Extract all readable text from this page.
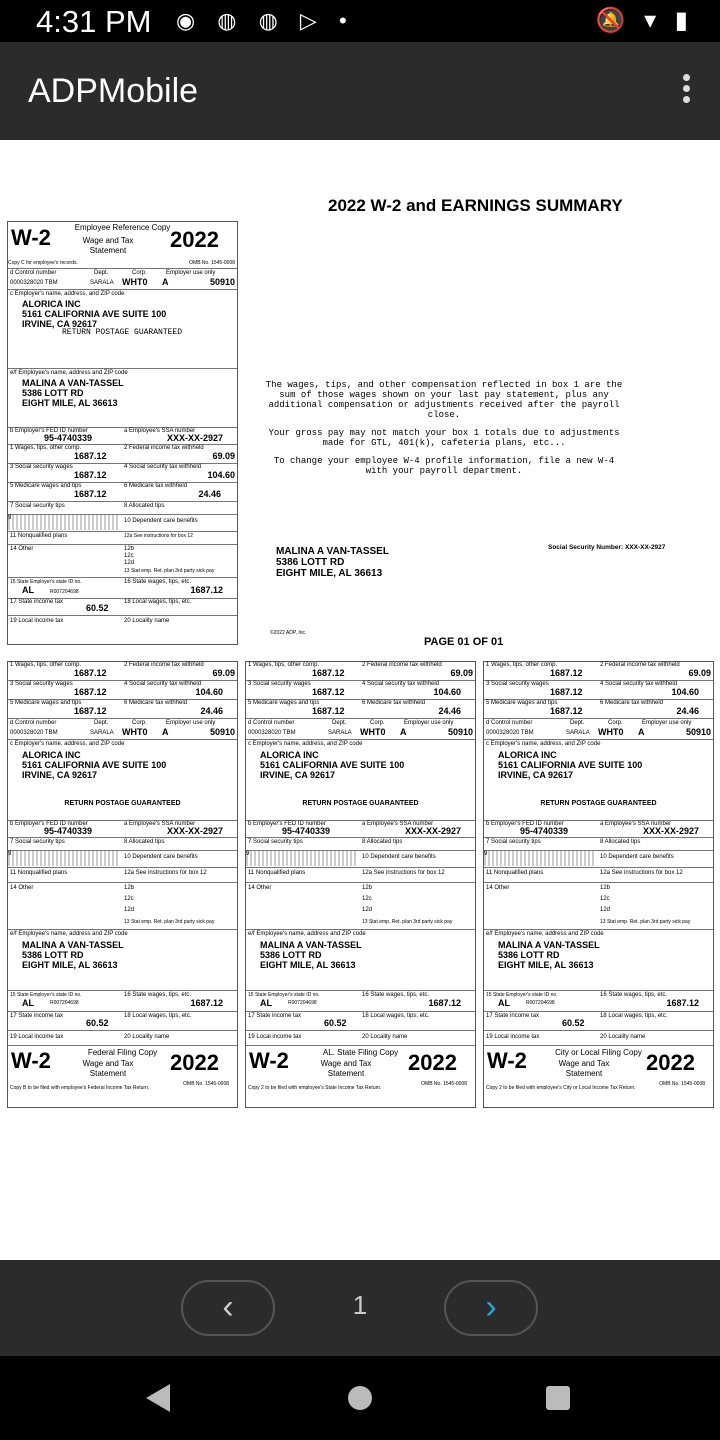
4:31 PM ◉ ◍ ◍ ▷ •	🔕 ▾ ▮
ADPMobile
2022 W-2 and EARNINGS SUMMARY
Employee Reference Copy
W-2	Wage and Tax Statement	2022
Copy C for employee's records.	OMB No. 1545-0008
d Control number	Dept.	Corp.	Employer use only
0000328020 TBM	SARALA WHT0 A	50910
c Employer's name, address, and ZIP code
ALORICA INC
5161 CALIFORNIA AVE SUITE 100
IRVINE, CA 92617
RETURN POSTAGE GUARANTEED
e/f Employee's name, address and ZIP code
MALINA A VAN-TASSEL
5386 LOTT RD
EIGHT MILE, AL 36613
b Employer's FED ID number
95-4740339
a Employee's SSA number
XXX-XX-2927
1 Wages, tips, other comp.
1687.12
2 Federal income tax withheld
69.09
3 Social security wages
1687.12
4 Social security tax withheld
104.60
5 Medicare wages and tips
1687.12
6 Medicare tax withheld
24.46
7 Social security tips	8 Allocated tips
9	10 Dependent care benefits
11 Nonqualified plans	12a See instructions for box 12
14 Other	12b
12c
12d
13 Stat emp. Ret. plan 3rd party sick pay
15 State Employer's state ID no.
AL	R007204698
16 State wages, tips, etc.
1687.12
17 State income tax
60.52
18 Local wages, tips, etc.
19 Local income tax	20 Locality name

The wages, tips, and other compensation reflected in box 1 are the sum of those wages shown on your last pay statement, plus any additional compensation or adjustments received after the payroll close.

Your gross pay may not match your box 1 totals due to adjustments made for GTL, 401(k), cafeteria plans, etc...

To change your employee W-4 profile information, file a new W-4 with your payroll department.

MALINA A VAN-TASSEL
5386 LOTT RD
EIGHT MILE, AL 36613
Social Security Number: XXX-XX-2927
©2022 ADP, Inc.
PAGE 01 OF 01
1 Wages, tips, other comp.
1687.12
2 Federal income tax withheld
69.09
3 Social security wages
1687.12
4 Social security tax withheld
104.60
5 Medicare wages and tips
1687.12
6 Medicare tax withheld
24.46
d Control number	Dept.	Corp.	Employer use only
0000328020 TBM	SARALA WHT0 A	50910
c Employer's name, address, and ZIP code
ALORICA INC
5161 CALIFORNIA AVE SUITE 100
IRVINE, CA 92617
RETURN POSTAGE GUARANTEED
b Employer's FED ID number
95-4740339
a Employee's SSA number
XXX-XX-2927
7 Social security tips	8 Allocated tips
9	10 Dependent care benefits
11 Nonqualified plans	12a See instructions for box 12
14 Other	12b
12c
12d
13 Stat emp. Ret. plan 3rd party sick pay
e/f Employee's name, address and ZIP code
MALINA A VAN-TASSEL
5386 LOTT RD
EIGHT MILE, AL 36613
15 State Employer's state ID no.
AL	R007204698
16 State wages, tips, etc.
1687.12
17 State income tax
60.52
18 Local wages, tips, etc.
19 Local income tax	20 Locality name
Federal Filing Copy
W-2	Wage and Tax Statement	2022
OMB No. 1545-0008
Copy B to be filed with employee's Federal Income Tax Return.
1 Wages, tips, other comp.
1687.12
2 Federal income tax withheld
69.09
3 Social security wages
1687.12
4 Social security tax withheld
104.60
5 Medicare wages and tips
1687.12
6 Medicare tax withheld
24.46
d Control number	Dept.	Corp.	Employer use only
0000328020 TBM	SARALA WHT0 A	50910
c Employer's name, address, and ZIP code
ALORICA INC
5161 CALIFORNIA AVE SUITE 100
IRVINE, CA 92617
RETURN POSTAGE GUARANTEED
b Employer's FED ID number
95-4740339
a Employee's SSA number
XXX-XX-2927
7 Social security tips	8 Allocated tips
9	10 Dependent care benefits
11 Nonqualified plans	12a See instructions for box 12
14 Other	12b
12c
12d
13 Stat emp. Ret. plan 3rd party sick pay
e/f Employee's name, address and ZIP code
MALINA A VAN-TASSEL
5386 LOTT RD
EIGHT MILE, AL 36613
15 State Employer's state ID no.
AL	R007204698
16 State wages, tips, etc.
1687.12
17 State income tax
60.52
18 Local wages, tips, etc.
19 Local income tax	20 Locality name
AL. State Filing Copy
W-2	Wage and Tax Statement	2022
OMB No. 1545-0008
Copy 2 to be filed with employee's State Income Tax Return.
1 Wages, tips, other comp.
1687.12
2 Federal income tax withheld
69.09
3 Social security wages
1687.12
4 Social security tax withheld
104.60
5 Medicare wages and tips
1687.12
6 Medicare tax withheld
24.46
d Control number	Dept.	Corp.	Employer use only
0000328020 TBM	SARALA WHT0 A	50910
c Employer's name, address, and ZIP code
ALORICA INC
5161 CALIFORNIA AVE SUITE 100
IRVINE, CA 92617
RETURN POSTAGE GUARANTEED
b Employer's FED ID number
95-4740339
a Employee's SSA number
XXX-XX-2927
7 Social security tips	8 Allocated tips
9	10 Dependent care benefits
11 Nonqualified plans	12a See instructions for box 12
14 Other	12b
12c
12d
13 Stat emp. Ret. plan 3rd party sick pay
e/f Employee's name, address and ZIP code
MALINA A VAN-TASSEL
5386 LOTT RD
EIGHT MILE, AL 36613
15 State Employer's state ID no.
AL	R007204698
16 State wages, tips, etc.
1687.12
17 State income tax
60.52
18 Local wages, tips, etc.
19 Local income tax	20 Locality name
City or Local Filing Copy
W-2	Wage and Tax Statement	2022
OMB No. 1545-0008
Copy 2 to be filed with employee's City or Local Income Tax Return.
‹	1	›
